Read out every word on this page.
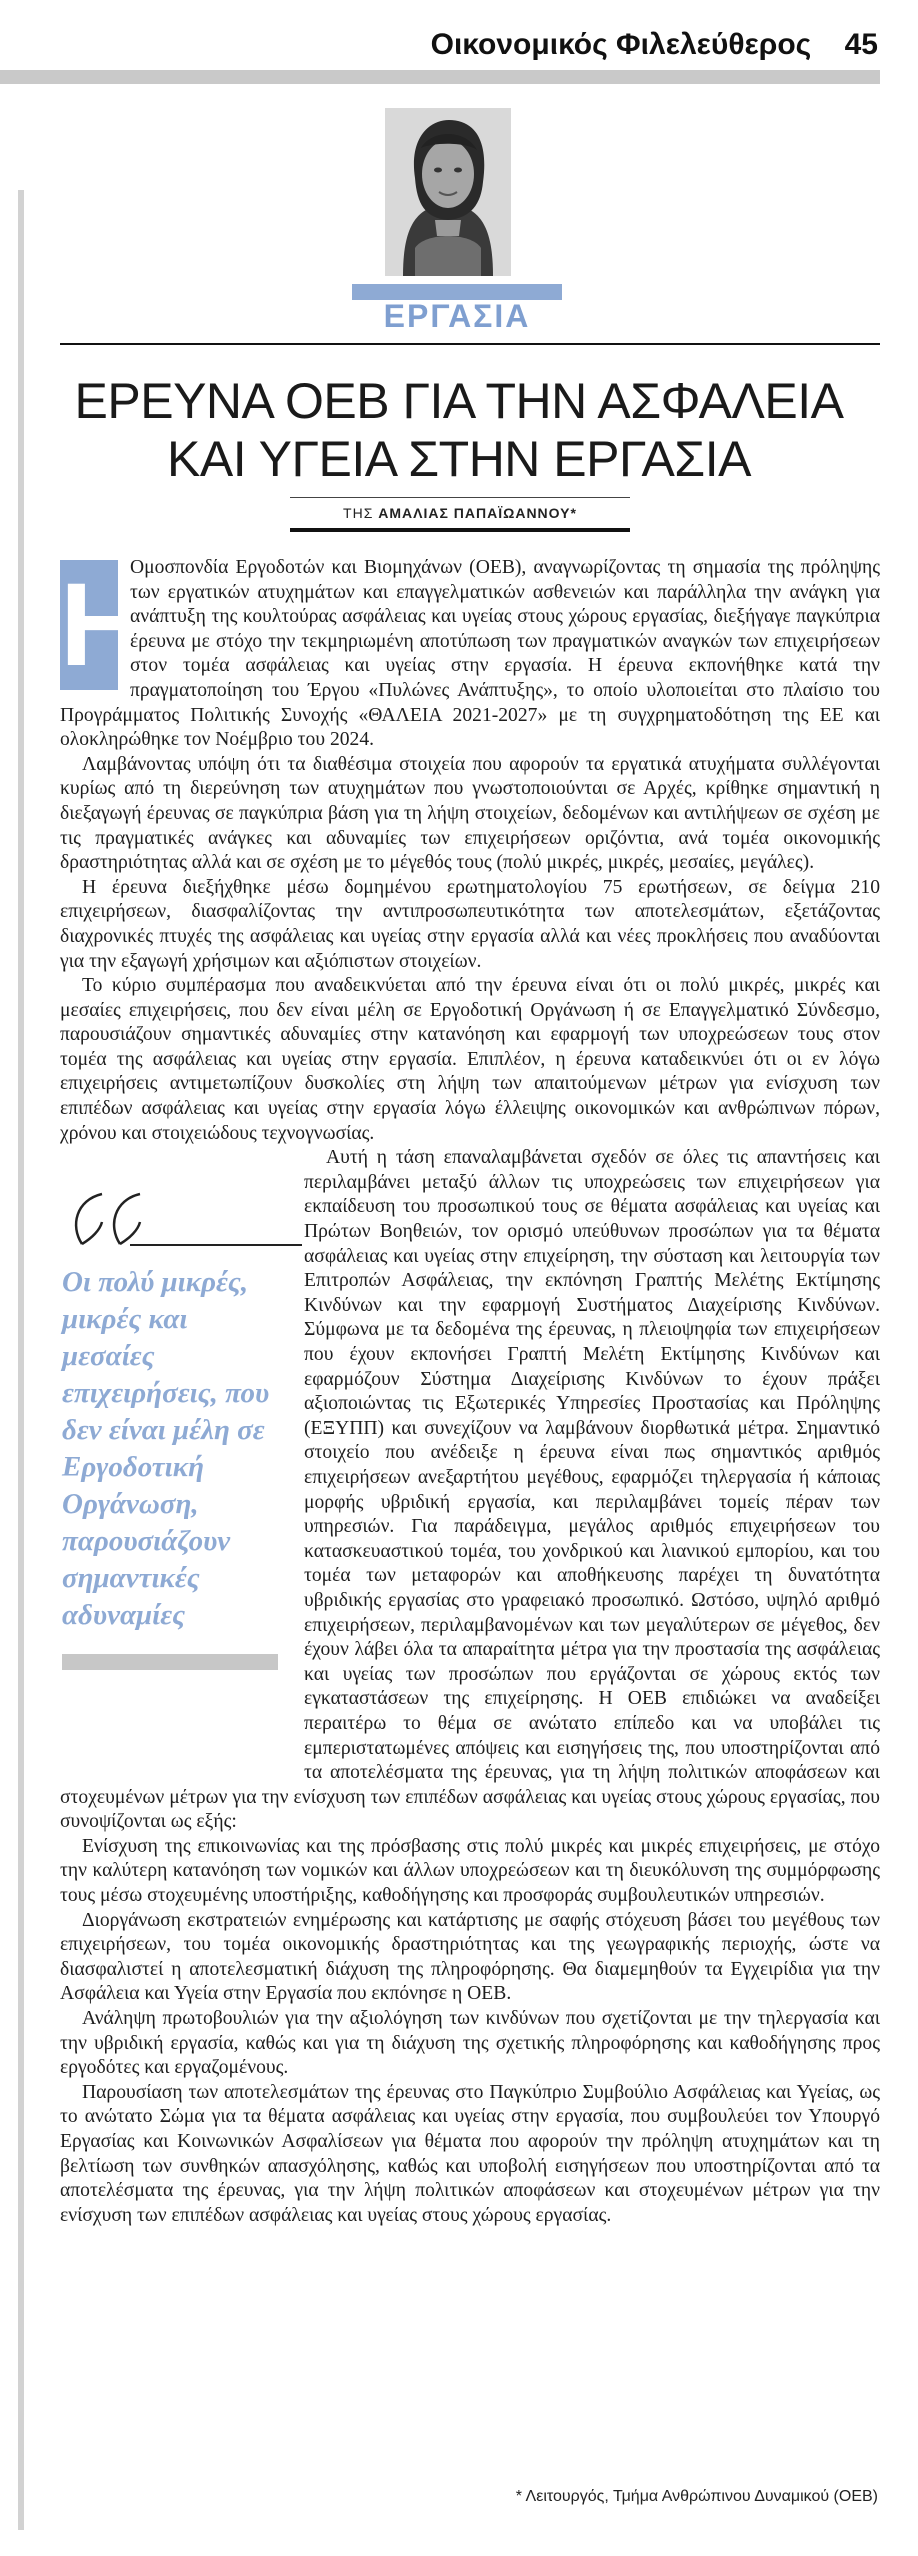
Οικονομικός Φιλελεύθερος 45
ΕΡΓΑΣΙΑ
ΕΡΕΥΝΑ ΟΕΒ ΓΙΑ ΤΗΝ ΑΣΦΑΛΕΙΑ
ΚΑΙ ΥΓΕΙΑ ΣΤΗΝ ΕΡΓΑΣΙΑ
ΤΗΣ ΑΜΑΛΙΑΣ ΠΑΠΑΪΩΑΝΝΟΥ*
Η

Ομοσπονδία Εργοδοτών και Βιομηχάνων (ΟΕΒ), αναγνωρίζοντας τη σημασία της πρόληψης των εργατικών ατυχημάτων και επαγγελματικών ασθενειών και παράλληλα την ανάγκη για ανάπτυξη της κουλτούρας ασφάλειας και υγείας στους χώρους εργασίας, διεξήγαγε παγκύπρια έρευνα με στόχο την τεκμηριωμένη αποτύπωση των πραγματικών αναγκών των επιχειρήσεων στον τομέα ασφάλειας και υγείας στην εργασία. Η έρευνα εκπονήθηκε κατά την πραγματοποίηση του Έργου «Πυλώνες Ανάπτυξης», το οποίο υλοποιείται στο πλαίσιο του Προγράμματος Πολιτικής Συνοχής «ΘΑΛΕΙΑ 2021-2027» με τη συγχρηματοδότηση της ΕΕ και ολοκληρώθηκε τον Νοέμβριο του 2024.

Λαμβάνοντας υπόψη ότι τα διαθέσιμα στοιχεία που αφορούν τα εργατικά ατυχήματα συλλέγονται κυρίως από τη διερεύνηση των ατυχημάτων που γνωστοποιούνται σε Αρχές, κρίθηκε σημαντική η διεξαγωγή έρευνας σε παγκύπρια βάση για τη λήψη στοιχείων, δεδομένων και αντιλήψεων σε σχέση με τις πραγματικές ανάγκες και αδυναμίες των επιχειρήσεων οριζόντια, ανά τομέα οικονομικής δραστηριότητας αλλά και σε σχέση με το μέγεθός τους (πολύ μικρές, μικρές, μεσαίες, μεγάλες).

Η έρευνα διεξήχθηκε μέσω δομημένου ερωτηματολογίου 75 ερωτήσεων, σε δείγμα 210 επιχειρήσεων, διασφαλίζοντας την αντιπροσωπευτικότητα των αποτελεσμάτων, εξετάζοντας διαχρονικές πτυχές της ασφάλειας και υγείας στην εργασία αλλά και νέες προκλήσεις που αναδύονται για την εξαγωγή χρήσιμων και αξιόπιστων στοιχείων.

Το κύριο συμπέρασμα που αναδεικνύεται από την έρευνα είναι ότι οι πολύ μικρές, μικρές και μεσαίες επιχειρήσεις, που δεν είναι μέλη σε Εργοδοτική Οργάνωση ή σε Επαγγελματικό Σύνδεσμο, παρουσιάζουν σημαντικές αδυναμίες στην κατανόηση και εφαρμογή των υποχρεώσεων τους στον τομέα της ασφάλειας και υγείας στην εργασία. Επιπλέον, η έρευνα καταδεικνύει ότι οι εν λόγω επιχειρήσεις αντιμετωπίζουν δυσκολίες στη λήψη των απαιτούμενων μέτρων για ενίσχυση των επιπέδων ασφάλειας και υγείας στην εργασία λόγω έλλειψης οικονομικών και ανθρώπινων πόρων, χρόνου και στοιχειώδους τεχνογνωσίας.

Αυτή η τάση επαναλαμβάνεται σχεδόν σε όλες τις απαντήσεις και περιλαμβάνει μεταξύ άλλων τις υποχρεώσεις των επιχειρήσεων για εκπαίδευση του προσωπικού τους σε θέματα ασφάλειας και υγείας και Πρώτων Βοηθειών, τον ορισμό υπεύθυνων προσώπων για τα θέματα ασφάλειας και υγείας στην επιχείρηση, την σύσταση και λειτουργία των Επιτροπών Ασφάλειας, την εκπόνηση Γραπτής Μελέτης Εκτίμησης Κινδύνων και την εφαρμογή Συστήματος Διαχείρισης Κινδύνων. Σύμφωνα με τα δεδομένα της έρευνας, η πλειοψηφία των επιχειρήσεων που έχουν εκπονήσει Γραπτή Μελέτη Εκτίμησης Κινδύνων και εφαρμόζουν Σύστημα Διαχείρισης Κινδύνων το έχουν πράξει αξιοποιώντας τις Εξωτερικές Υπηρεσίες Προστασίας και Πρόληψης (ΕΞΥΠΠ) και συνεχίζουν να λαμβάνουν διορθωτικά μέτρα. Σημαντικό στοιχείο που ανέδειξε η έρευνα είναι πως σημαντικός αριθμός επιχειρήσεων ανεξαρτήτου μεγέθους, εφαρμόζει τηλεργασία ή κάποιας μορφής υβριδική εργασία, και περιλαμβάνει τομείς πέραν των υπηρεσιών. Για παράδειγμα, μεγάλος αριθμός επιχειρήσεων του κατασκευαστικού τομέα, του χονδρικού και λιανικού εμπορίου, και του τομέα των μεταφορών και αποθήκευσης παρέχει τη δυνατότητα υβριδικής εργασίας στο γραφειακό προσωπικό. Ωστόσο, υψηλό αριθμό επιχειρήσεων, περιλαμβανομένων και των μεγαλύτερων σε μέγεθος, δεν έχουν λάβει όλα τα απαραίτητα μέτρα για την προστασία της ασφάλειας και υγείας των προσώπων που εργάζονται σε χώρους εκτός των εγκαταστάσεων της επιχείρησης. Η ΟΕΒ επιδιώκει να αναδείξει περαιτέρω το θέμα σε ανώτατο επίπεδο και να υποβάλει τις εμπεριστατωμένες απόψεις και εισηγήσεις της, που υποστηρίζονται από τα αποτελέσματα της έρευνας, για τη λήψη πολιτικών αποφάσεων και στοχευμένων μέτρων για την ενίσχυση των επιπέδων ασφάλειας και υγείας στους χώρους εργασίας, που συνοψίζονται ως εξής:

Ενίσχυση της επικοινωνίας και της πρόσβασης στις πολύ μικρές και μικρές επιχειρήσεις, με στόχο την καλύτερη κατανόηση των νομικών και άλλων υποχρεώσεων και τη διευκόλυνση της συμμόρφωσης τους μέσω στοχευμένης υποστήριξης, καθοδήγησης και προσφοράς συμβουλευτικών υπηρεσιών.

Διοργάνωση εκστρατειών ενημέρωσης και κατάρτισης με σαφής στόχευση βάσει του μεγέθους των επιχειρήσεων, του τομέα οικονομικής δραστηριότητας και της γεωγραφικής περιοχής, ώστε να διασφαλιστεί η αποτελεσματική διάχυση της πληροφόρησης. Θα διαμεμηθούν τα Εγχειρίδια για την Ασφάλεια και Υγεία στην Εργασία που εκπόνησε η ΟΕΒ.

Ανάληψη πρωτοβουλιών για την αξιολόγηση των κινδύνων που σχετίζονται με την τηλεργασία και την υβριδική εργασία, καθώς και για τη διάχυση της σχετικής πληροφόρησης και καθοδήγησης προς εργοδότες και εργαζομένους.

Παρουσίαση των αποτελεσμάτων της έρευνας στο Παγκύπριο Συμβούλιο Ασφάλειας και Υγείας, ως το ανώτατο Σώμα για τα θέματα ασφάλειας και υγείας στην εργασία, που συμβουλεύει τον Υπουργό Εργασίας και Κοινωνικών Ασφαλίσεων για θέματα που αφορούν την πρόληψη ατυχημάτων και τη βελτίωση των συνθηκών απασχόλησης, καθώς και υποβολή εισηγήσεων που υποστηρίζονται από τα αποτελέσματα της έρευνας, για την λήψη πολιτικών αποφάσεων και στοχευμένων μέτρων για την ενίσχυση των επιπέδων ασφάλειας και υγείας στους χώρους εργασίας.

Οι πολύ μικρές, μικρές και μεσαίες επιχειρήσεις, που δεν είναι μέλη σε Εργοδοτική Οργάνωση, παρουσιάζουν σημαντικές αδυναμίες
* Λειτουργός, Τμήμα Ανθρώπινου Δυναμικού (ΟΕΒ)
